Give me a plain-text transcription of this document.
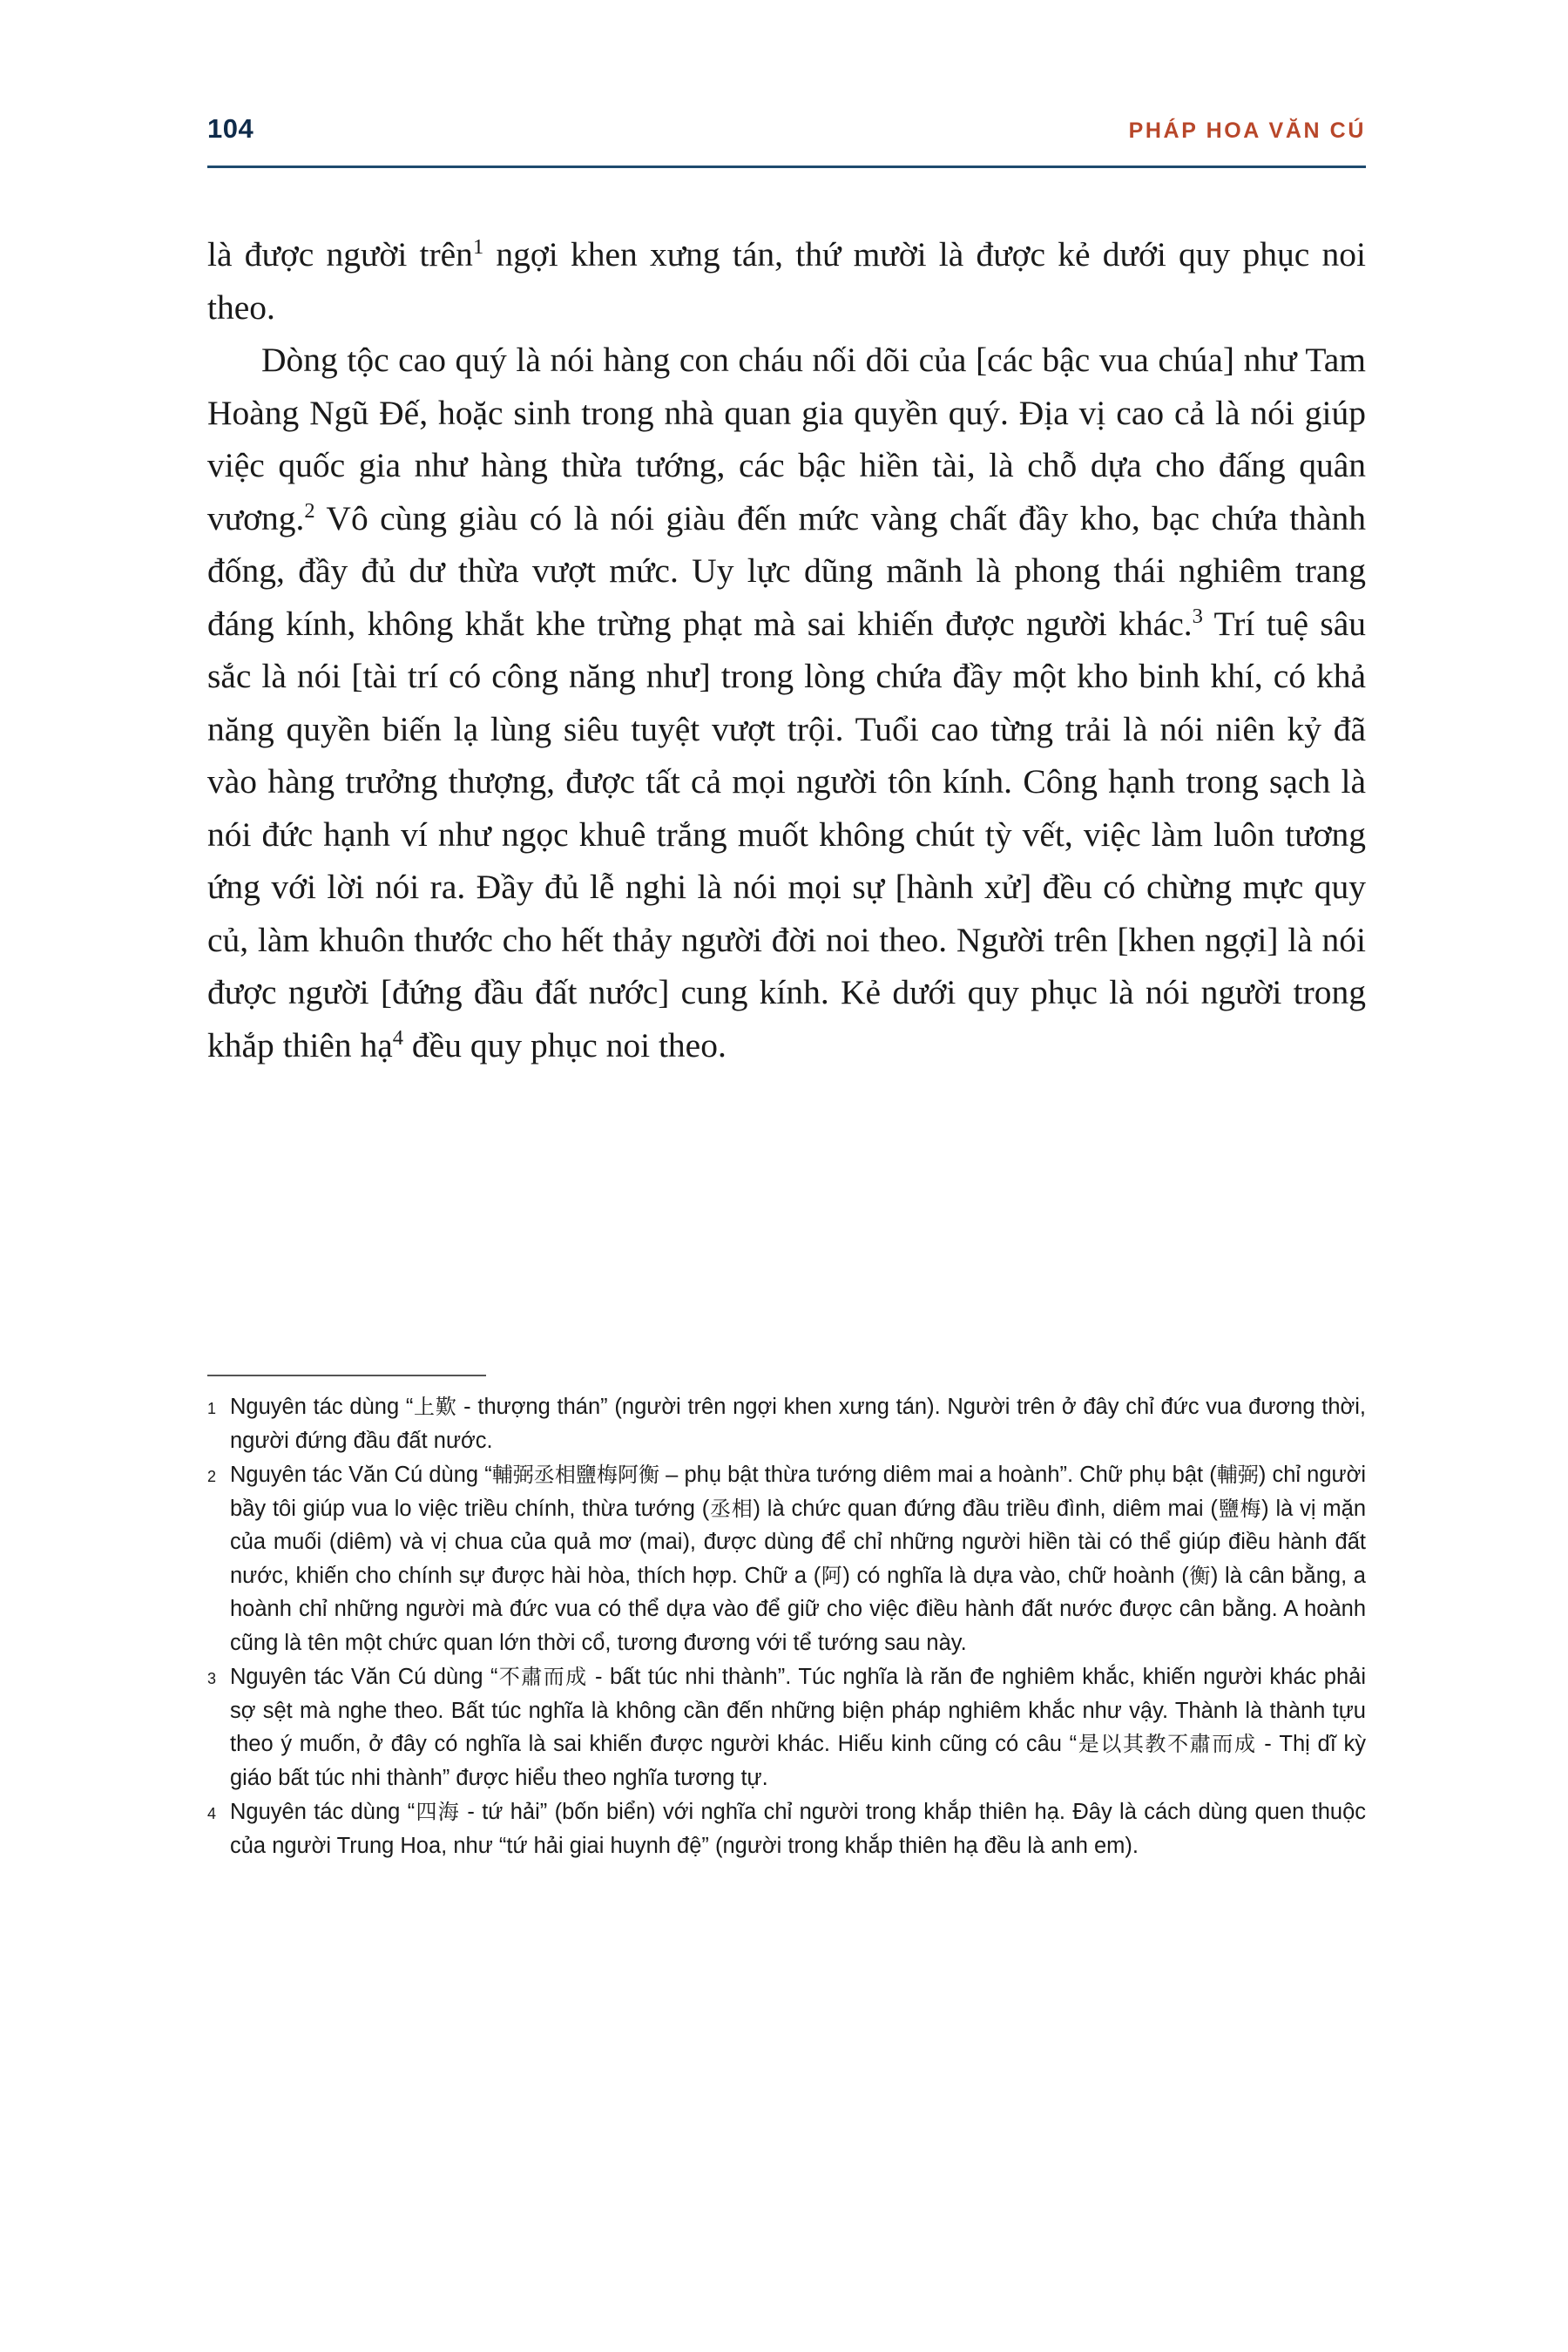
104	PHÁP HOA VĂN CÚ

là được người trên$^1$ ngợi khen xưng tán, thứ mười là được kẻ dưới quy phục noi theo.

Dòng tộc cao quý là nói hàng con cháu nối dõi của [các bậc vua chúa] như Tam Hoàng Ngũ Đế, hoặc sinh trong nhà quan gia quyền quý. Địa vị cao cả là nói giúp việc quốc gia như hàng thừa tướng, các bậc hiền tài, là chỗ dựa cho đấng quân vương.$^2$ Vô cùng giàu có là nói giàu đến mức vàng chất đầy kho, bạc chứa thành đống, đầy đủ dư thừa vượt mức. Uy lực dũng mãnh là phong thái nghiêm trang đáng kính, không khắt khe trừng phạt mà sai khiến được người khác.$^3$ Trí tuệ sâu sắc là nói [tài trí có công năng như] trong lòng chứa đầy một kho binh khí, có khả năng quyền biến lạ lùng siêu tuyệt vượt trội. Tuổi cao từng trải là nói niên kỷ đã vào hàng trưởng thượng, được tất cả mọi người tôn kính. Công hạnh trong sạch là nói đức hạnh ví như ngọc khuê trắng muốt không chút tỳ vết, việc làm luôn tương ứng với lời nói ra. Đầy đủ lễ nghi là nói mọi sự [hành xử] đều có chừng mực quy củ, làm khuôn thước cho hết thảy người đời noi theo. Người trên [khen ngợi] là nói được người [đứng đầu đất nước] cung kính. Kẻ dưới quy phục là nói người trong khắp thiên hạ$^4$ đều quy phục noi theo.

1 Nguyên tác dùng “上歎 - thượng thán” (người trên ngợi khen xưng tán). Người trên ở đây chỉ đức vua đương thời, người đứng đầu đất nước.
2 Nguyên tác Văn Cú dùng “輔弼丞相鹽梅阿衡 – phụ bật thừa tướng diêm mai a hoành”. Chữ phụ bật (輔弼) chỉ người bầy tôi giúp vua lo việc triều chính, thừa tướng (丞相) là chức quan đứng đầu triều đình, diêm mai (鹽梅) là vị mặn của muối (diêm) và vị chua của quả mơ (mai), được dùng để chỉ những người hiền tài có thể giúp điều hành đất nước, khiến cho chính sự được hài hòa, thích hợp. Chữ a (阿) có nghĩa là dựa vào, chữ hoành (衡) là cân bằng, a hoành chỉ những người mà đức vua có thể dựa vào để giữ cho việc điều hành đất nước được cân bằng. A hoành cũng là tên một chức quan lớn thời cổ, tương đương với tể tướng sau này.
3 Nguyên tác Văn Cú dùng “不肅而成 - bất túc nhi thành”. Túc nghĩa là răn đe nghiêm khắc, khiến người khác phải sợ sệt mà nghe theo. Bất túc nghĩa là không cần đến những biện pháp nghiêm khắc như vậy. Thành là thành tựu theo ý muốn, ở đây có nghĩa là sai khiến được người khác. Hiếu kinh cũng có câu “是以其教不肅而成 - Thị dĩ kỳ giáo bất túc nhi thành” được hiểu theo nghĩa tương tự.
4 Nguyên tác dùng “四海 - tứ hải” (bốn biển) với nghĩa chỉ người trong khắp thiên hạ. Đây là cách dùng quen thuộc của người Trung Hoa, như “tứ hải giai huynh đệ” (người trong khắp thiên hạ đều là anh em).
